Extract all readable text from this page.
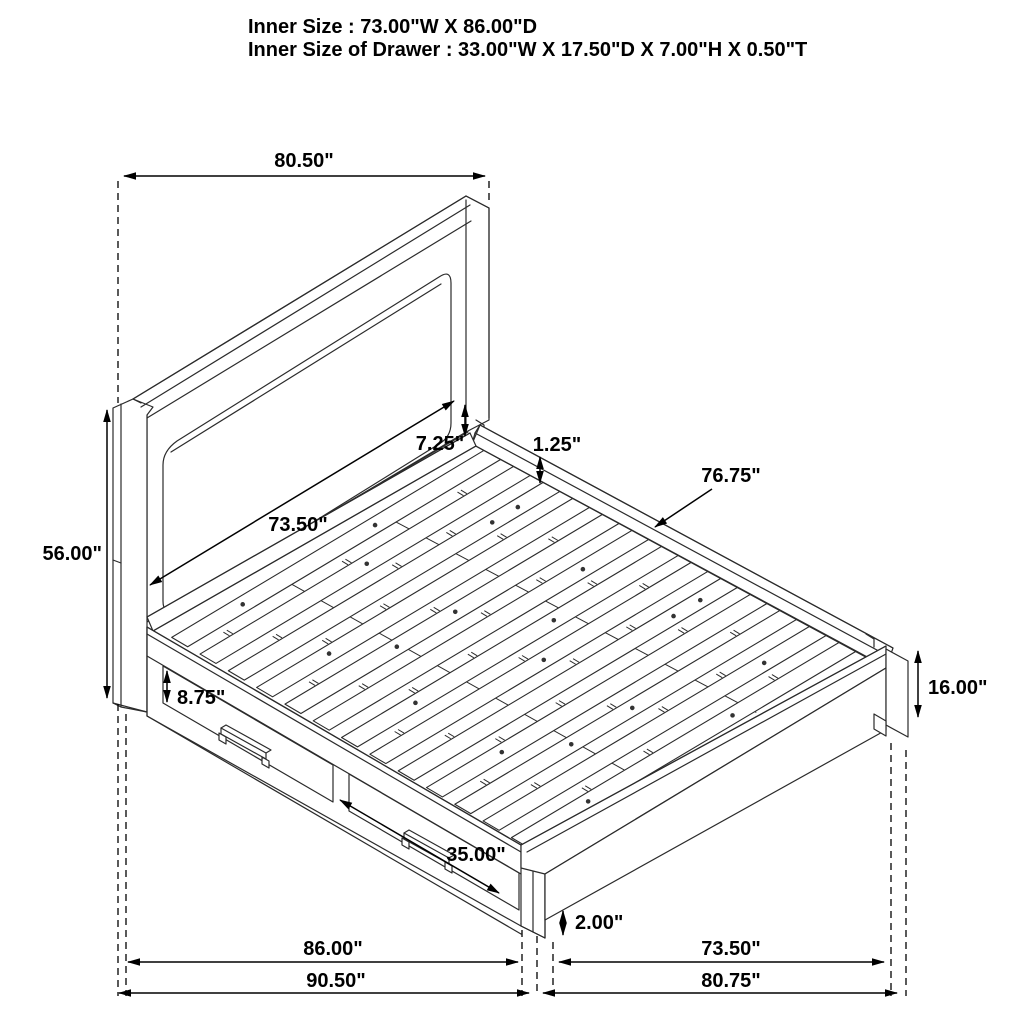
Inner Size : 73.00"W X 86.00"D
Inner Size of Drawer : 33.00"W X 17.50"D X 7.00"H X 0.50"T
80.50"
56.00"
7.25"	1.25"
76.75"
73.50"
8.75"	16.00"
35.00"
2.00"
86.00"	73.50"
90.50"	80.75"
